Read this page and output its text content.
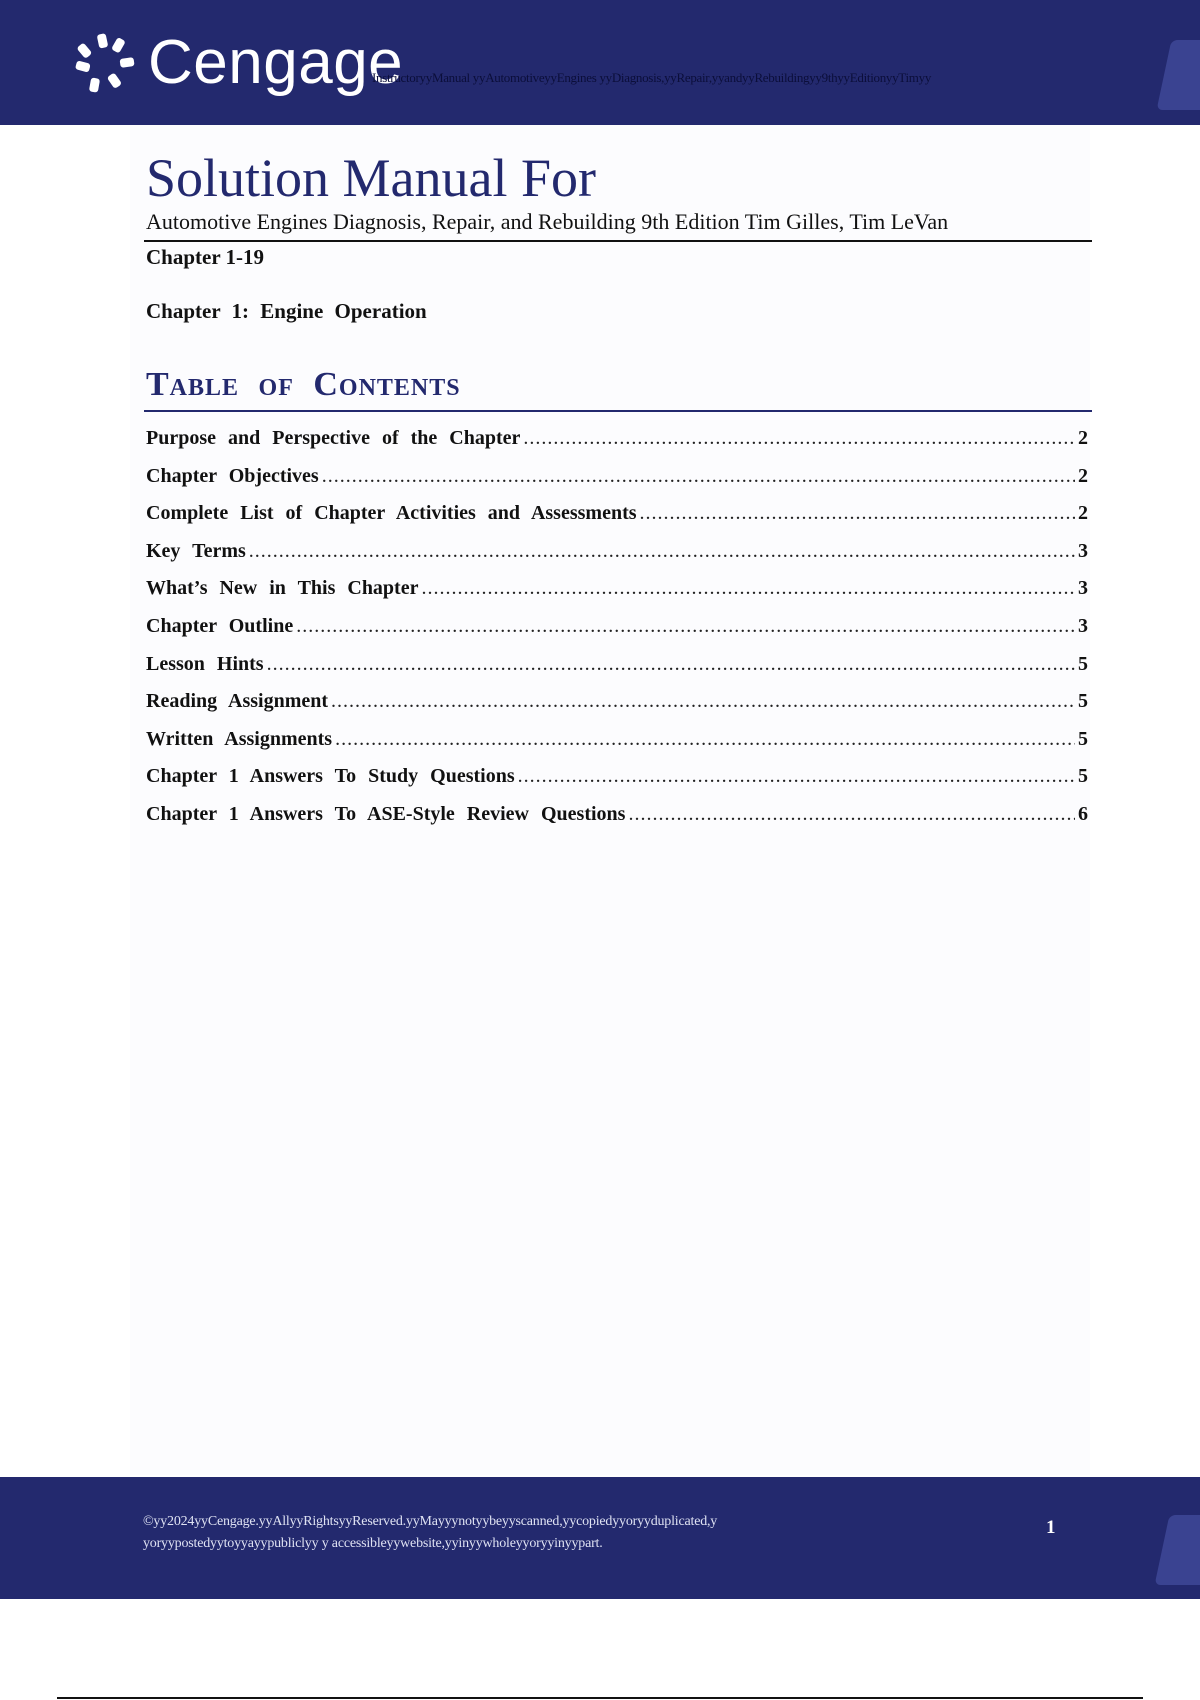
Cengage
InstructoryyManual yyAutomotiveyyEngines yyDiagnosis,yyRepair,yyandyyRebuildingyy9thyyEditionyyTimyy
Solution Manual For
Automotive Engines Diagnosis, Repair, and Rebuilding 9th Edition Tim Gilles, Tim LeVan
Chapter 1-19
Chapter 1: Engine Operation
Table of Contents
Purpose and Perspective of the Chapter .....	2
Chapter Objectives .....	2
Complete List of Chapter Activities and Assessments .....	2
Key Terms .....	3
What’s New in This Chapter .....	3
Chapter Outline .....	3
Lesson Hints .....	5
Reading Assignment .....	5
Written Assignments .....	5
Chapter 1 Answers To Study Questions .....	5
Chapter 1 Answers To ASE-Style Review Questions .....	6
©yy2024yyCengage.yyAllyyRightsyyReserved.yyMayyynotyybeyyscanned,yycopiedyyoryyduplicated,y
yoryypostedyytoyyayypubliclyy y accessibleyywebsite,yyinyywholeyyoryyinyypart.
1
